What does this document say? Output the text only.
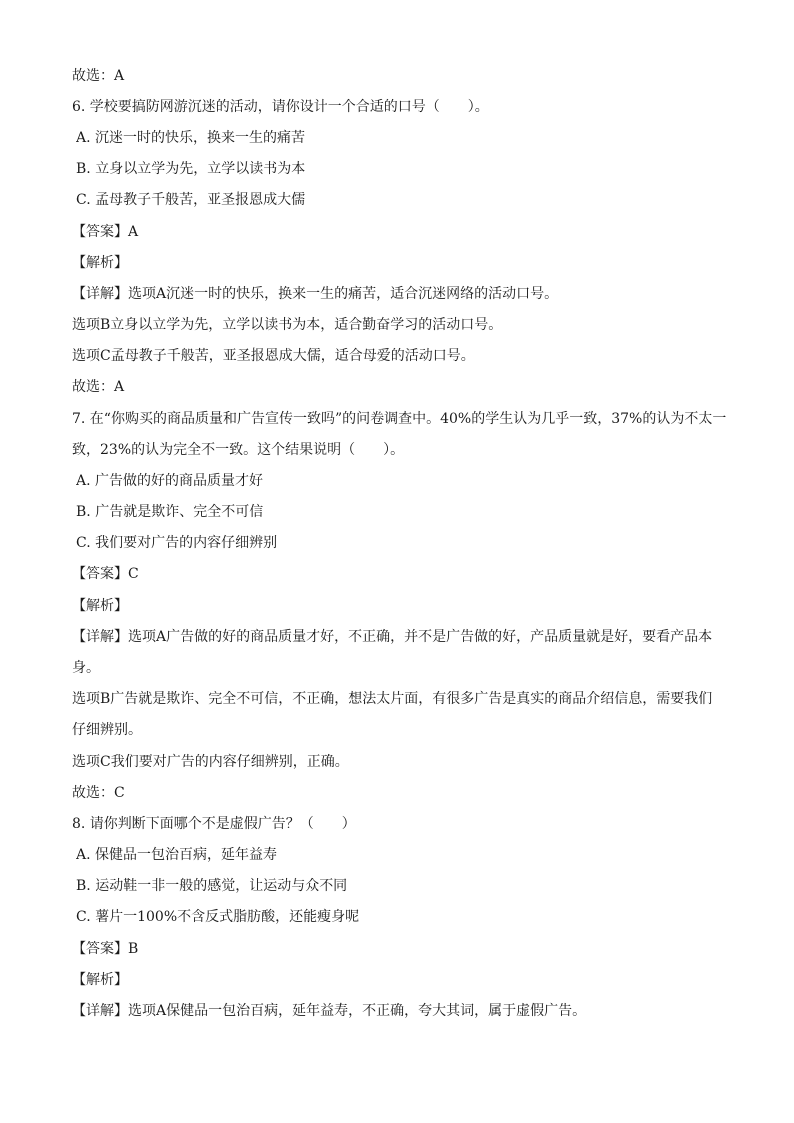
故选：A
6. 学校要搞防网游沉迷的活动，请你设计一个合适的口号（　　）。
A. 沉迷一时的快乐，换来一生的痛苦
B. 立身以立学为先，立学以读书为本
C. 孟母教子千般苦，亚圣报恩成大儒
【答案】A
【解析】
【详解】选项A沉迷一时的快乐，换来一生的痛苦，适合沉迷网络的活动口号。
选项B立身以立学为先，立学以读书为本，适合勤奋学习的活动口号。
选项C孟母教子千般苦，亚圣报恩成大儒，适合母爱的活动口号。
故选：A
7. 在“你购买的商品质量和广告宣传一致吗”的问卷调查中。40%的学生认为几乎一致，37%的认为不太一
致，23%的认为完全不一致。这个结果说明（　　）。
A. 广告做的好的商品质量才好
B. 广告就是欺诈、完全不可信
C. 我们要对广告的内容仔细辨别
【答案】C
【解析】
【详解】选项A广告做的好的商品质量才好，不正确，并不是广告做的好，产品质量就是好，要看产品本
身。
选项B广告就是欺诈、完全不可信，不正确，想法太片面，有很多广告是真实的商品介绍信息，需要我们
仔细辨别。
选项C我们要对广告的内容仔细辨别，正确。
故选：C
8. 请你判断下面哪个不是虚假广告？（　　）
A. 保健品一包治百病，延年益寿
B. 运动鞋一非一般的感觉，让运动与众不同
C. 薯片一100%不含反式脂肪酸，还能瘦身呢
【答案】B
【解析】
【详解】选项A保健品一包治百病，延年益寿，不正确，夸大其词，属于虚假广告。
